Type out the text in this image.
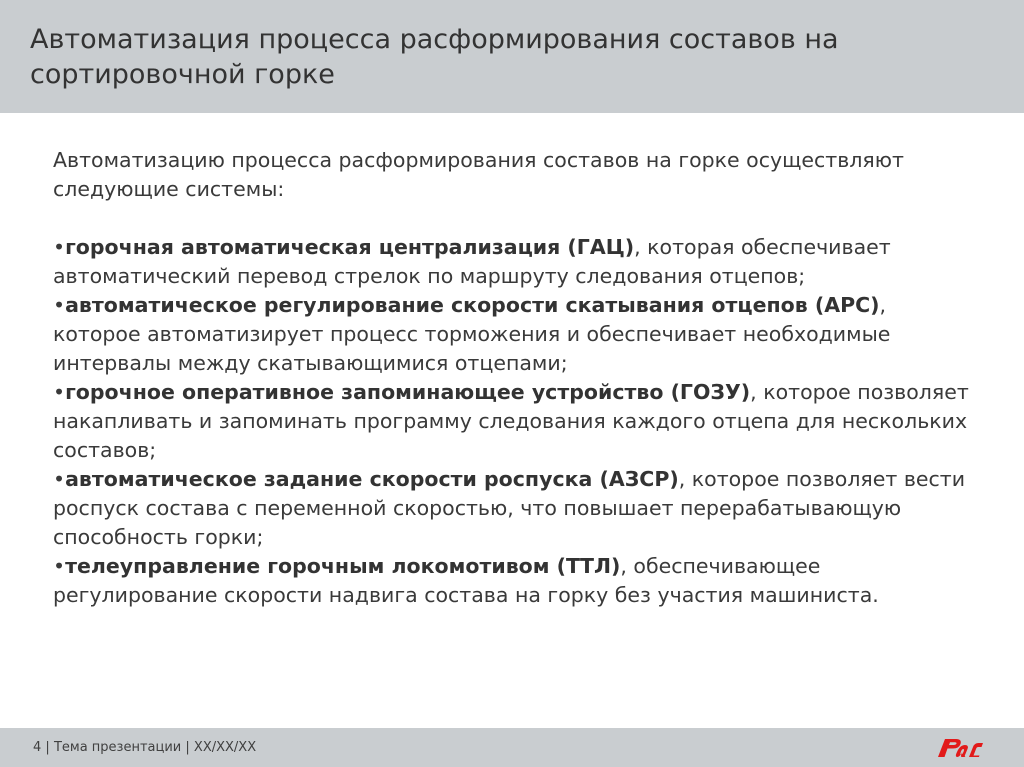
Автоматизация процесса расформирования составов на сортировочной горке

Автоматизацию процесса расформирования составов на горке осуществляют следующие системы:

•горочная автоматическая централизация (ГАЦ), которая обеспечивает автоматический перевод стрелок по маршруту следования отцепов;
•автоматическое регулирование скорости скатывания отцепов (АРС), которое автоматизирует процесс торможения и обеспечивает необходимые интервалы между скатывающимися отцепами;
•горочное оперативное запоминающее устройство (ГОЗУ), которое позволяет накапливать и запоминать программу следования каждого отцепа для нескольких составов;
•автоматическое задание скорости роспуска (АЗСР), которое позволяет вести роспуск состава с переменной скоростью, что повышает перерабатывающую способность горки;
•телеуправление горочным локомотивом (ТТЛ), обеспечивающее регулирование скорости надвига состава на горку без участия машиниста.
4 | Тема презентации | XX/XX/XX
